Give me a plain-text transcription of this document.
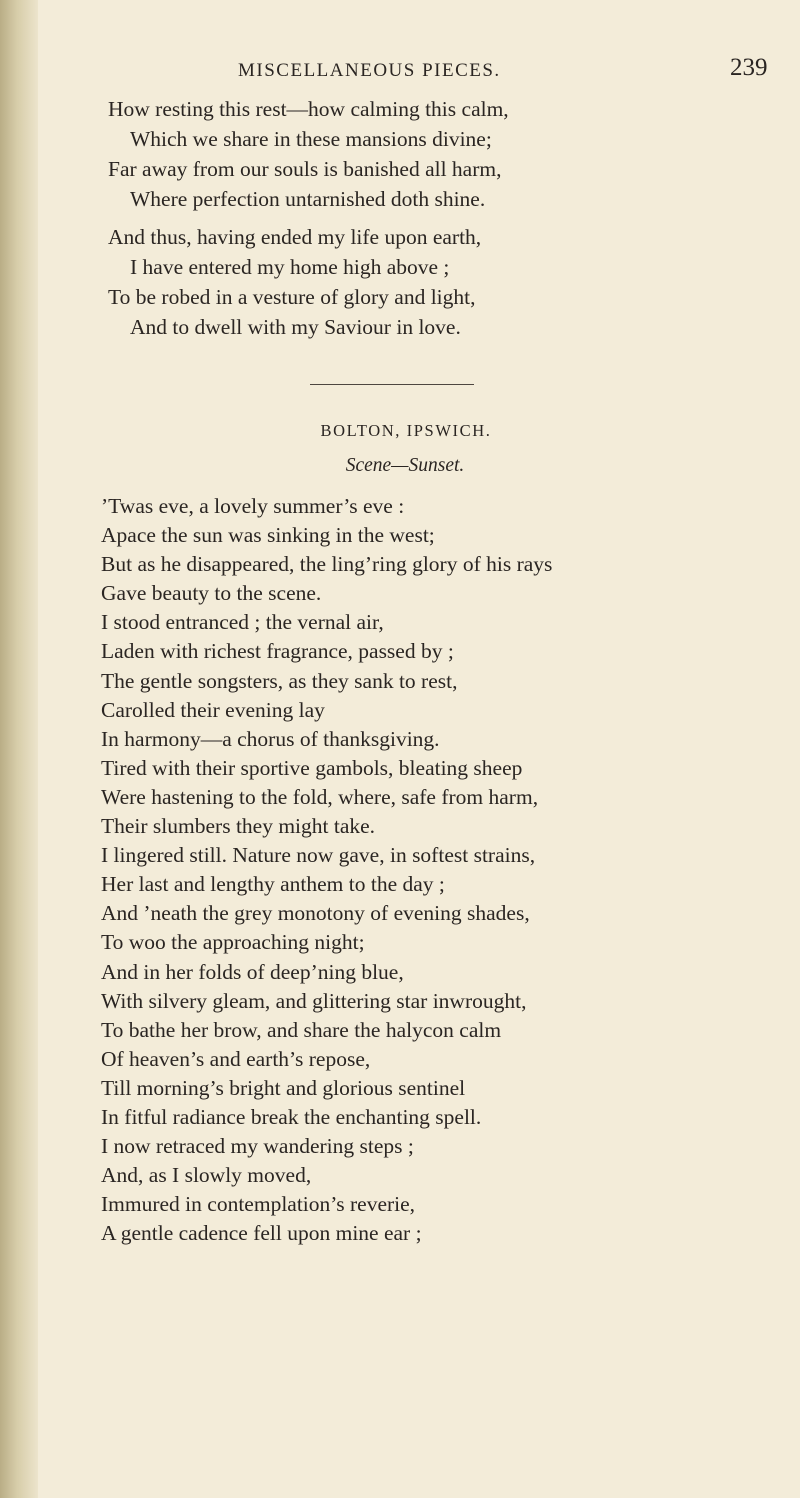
MISCELLANEOUS PIECES.	239
How resting this rest—how calming this calm,
Which we share in these mansions divine;
Far away from our souls is banished all harm,
Where perfection untarnished doth shine.
And thus, having ended my life upon earth,
I have entered my home high above ;
To be robed in a vesture of glory and light,
And to dwell with my Saviour in love.
BOLTON, IPSWICH.
Scene—Sunset.
’Twas eve, a lovely summer’s eve :
Apace the sun was sinking in the west;
But as he disappeared, the ling’ring glory of his rays
Gave beauty to the scene.
I stood entranced ; the vernal air,
Laden with richest fragrance, passed by ;
The gentle songsters, as they sank to rest,
Carolled their evening lay
In harmony—a chorus of thanksgiving.
Tired with their sportive gambols, bleating sheep
Were hastening to the fold, where, safe from harm,
Their slumbers they might take.
I lingered still. Nature now gave, in softest strains,
Her last and lengthy anthem to the day ;
And ’neath the grey monotony of evening shades,
To woo the approaching night;
And in her folds of deep’ning blue,
With silvery gleam, and glittering star inwrought,
To bathe her brow, and share the halycon calm
Of heaven’s and earth’s repose,
Till morning’s bright and glorious sentinel
In fitful radiance break the enchanting spell.
I now retraced my wandering steps ;
And, as I slowly moved,
Immured in contemplation’s reverie,
A gentle cadence fell upon mine ear ;
